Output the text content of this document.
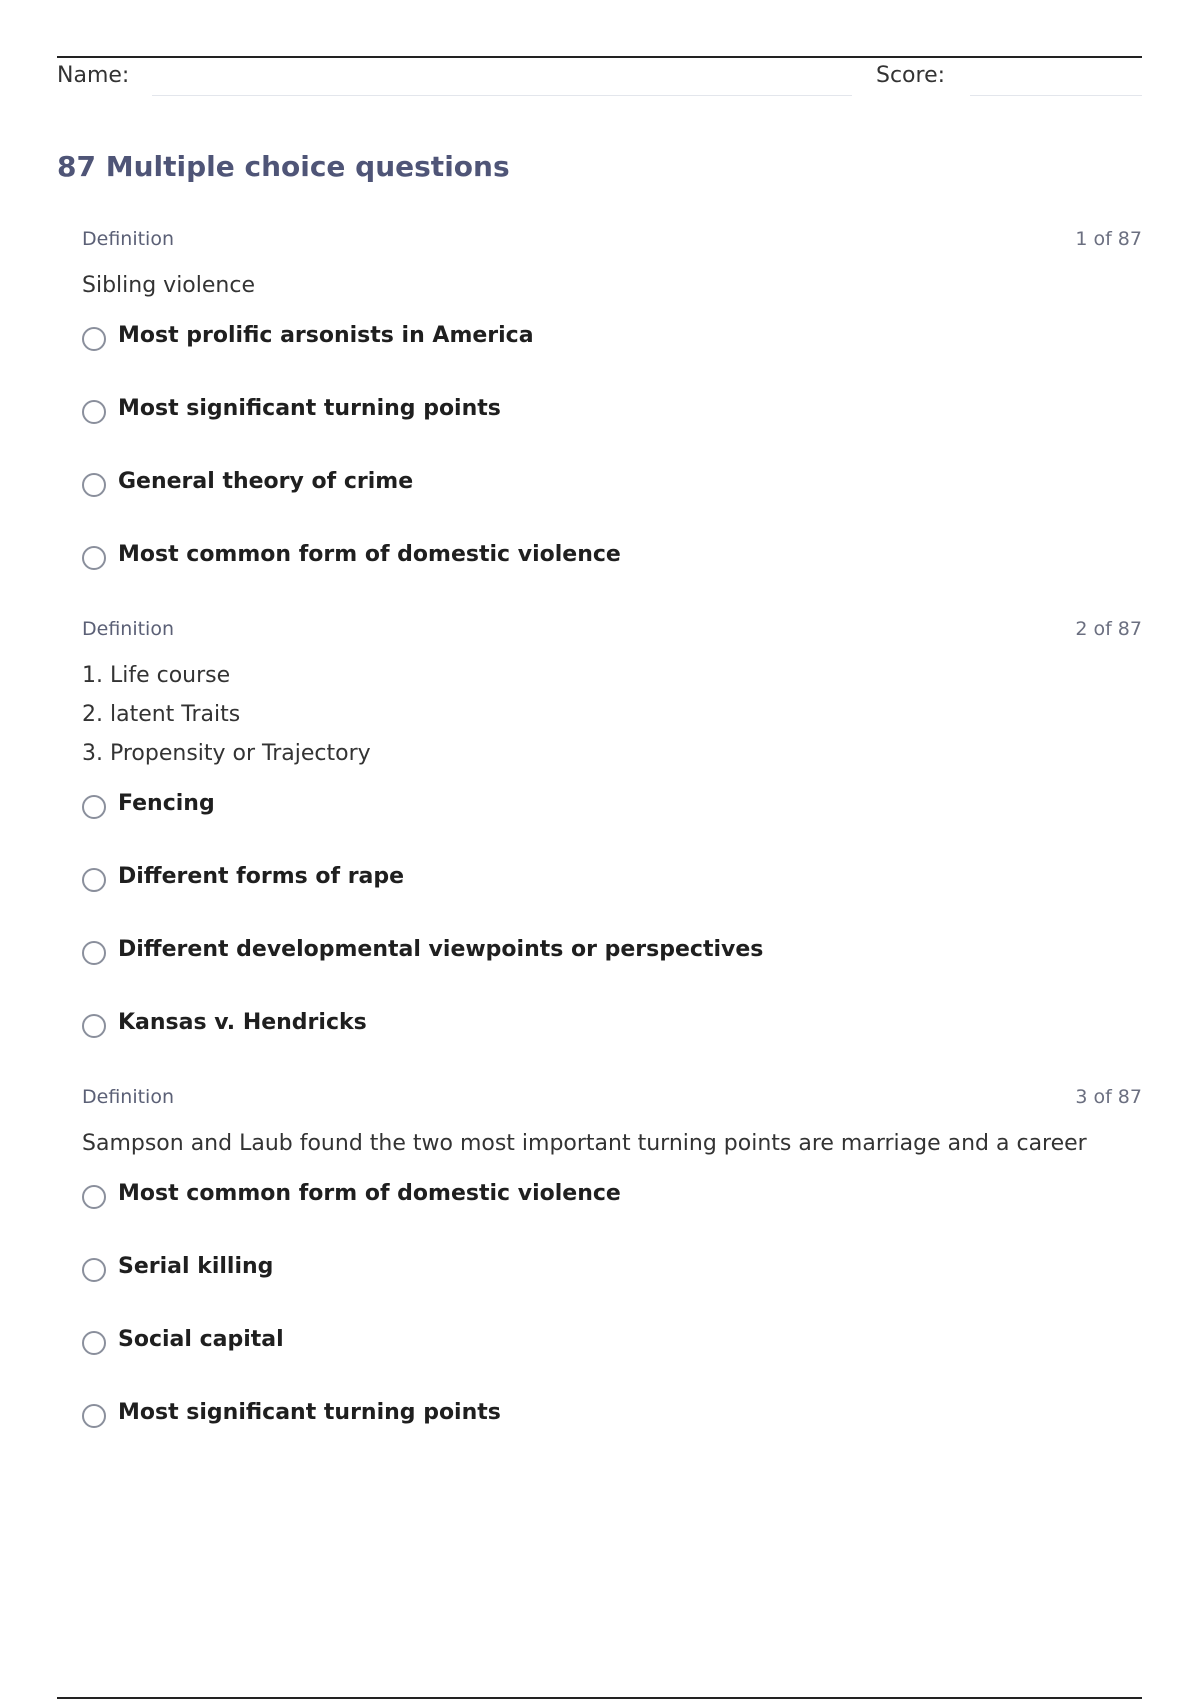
Name:	Score:
87 Multiple choice questions
Definition	1 of 87
Sibling violence
Most prolific arsonists in America
Most significant turning points
General theory of crime
Most common form of domestic violence
Definition	2 of 87
1. Life course
2. latent Traits
3. Propensity or Trajectory
Fencing
Different forms of rape
Different developmental viewpoints or perspectives
Kansas v. Hendricks
Definition	3 of 87
Sampson and Laub found the two most important turning points are marriage and a career
Most common form of domestic violence
Serial killing
Social capital
Most significant turning points
